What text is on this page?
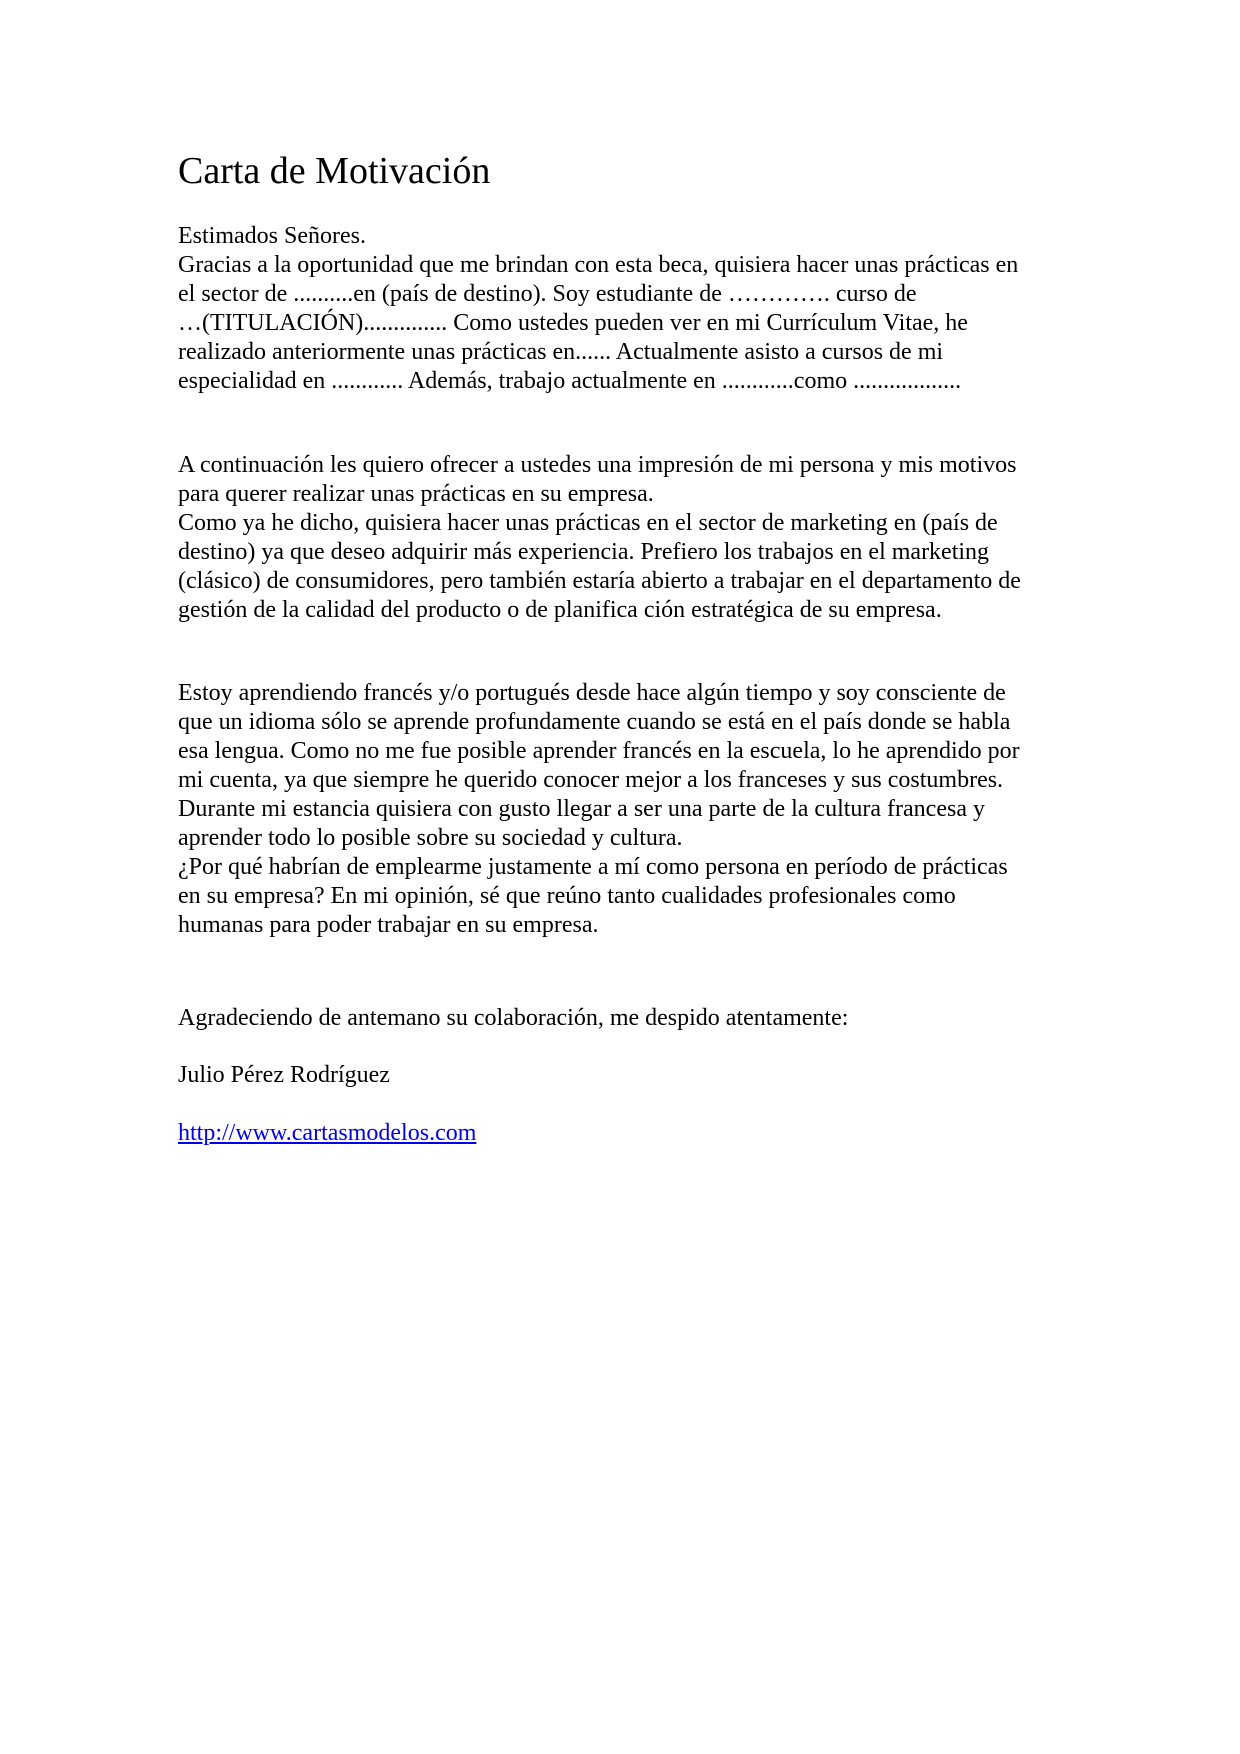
Carta de Motivación

Estimados Señores.

Gracias a la oportunidad que me brindan con esta beca, quisiera hacer unas prácticas en
el sector de ..........en (país de destino). Soy estudiante de …………. curso de
…(TITULACIÓN).............. Como ustedes pueden ver en mi Currículum Vitae, he
realizado anteriormente unas prácticas en...... Actualmente asisto a cursos de mi
especialidad en ............ Además, trabajo actualmente en ............como ..................
A continuación les quiero ofrecer a ustedes una impresión de mi persona y mis motivos
para querer realizar unas prácticas en su empresa.
Como ya he dicho, quisiera hacer unas prácticas en el sector de marketing en (país de
destino) ya que deseo adquirir más experiencia. Prefiero los trabajos en el marketing
(clásico) de consumidores, pero también estaría abierto a trabajar en el departamento de
gestión de la calidad del producto o de planifica ción estratégica de su empresa.
Estoy aprendiendo francés y/o portugués desde hace algún tiempo y soy consciente de
que un idioma sólo se aprende profundamente cuando se está en el país donde se habla
esa lengua. Como no me fue posible aprender francés en la escuela, lo he aprendido por
mi cuenta, ya que siempre he querido conocer mejor a los franceses y sus costumbres.
Durante mi estancia quisiera con gusto llegar a ser una parte de la cultura francesa y
aprender todo lo posible sobre su sociedad y cultura.
¿Por qué habrían de emplearme justamente a mí como persona en período de prácticas
en su empresa? En mi opinión, sé que reúno tanto cualidades profesionales como
humanas para poder trabajar en su empresa.

Agradeciendo de antemano su colaboración, me despido atentamente:

Julio Pérez Rodríguez

http://www.cartasmodelos.com
